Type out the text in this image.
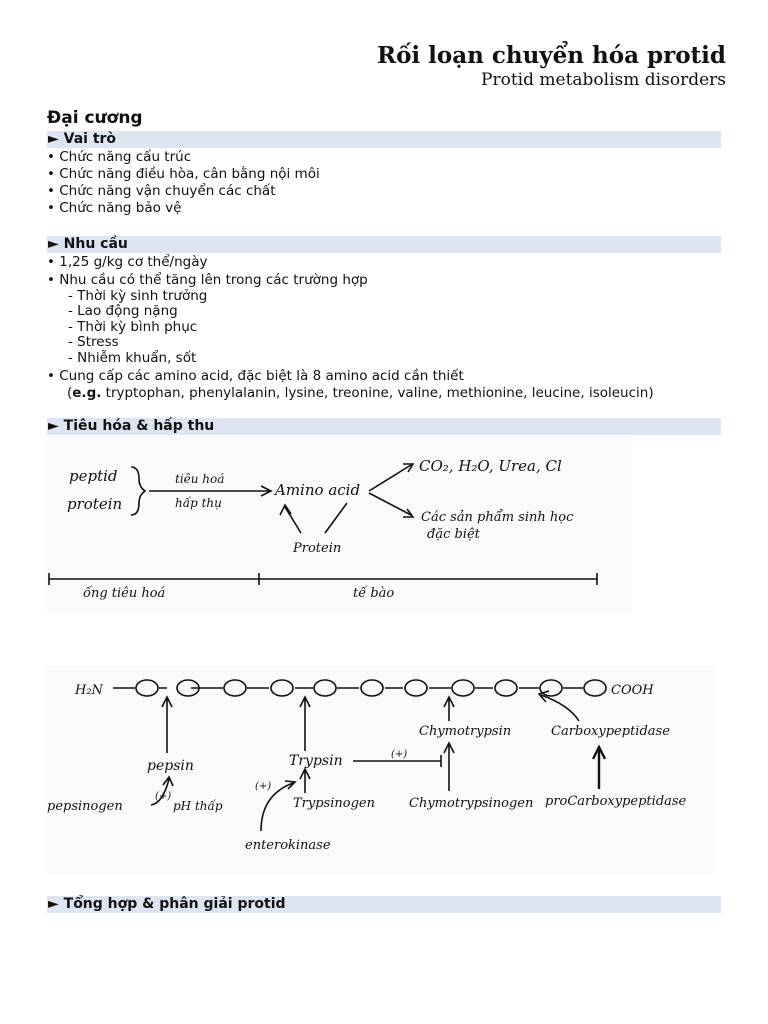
Rối loạn chuyển hóa protid
Protid metabolism disorders
Đại cương
► Vai trò
• Chức năng cấu trúc
• Chức năng điều hòa, cân bằng nội môi
• Chức năng vận chuyển các chất
• Chức năng bảo vệ
► Nhu cầu
• 1,25 g/kg cơ thể/ngày
• Nhu cầu có thể tăng lên trong các trường hợp
- Thời kỳ sinh trưởng
- Lao động nặng
- Thời kỳ bình phục
- Stress
- Nhiễm khuẩn, sốt
• Cung cấp các amino acid, đặc biệt là 8 amino acid cần thiết
(e.g. tryptophan, phenylalanin, lysine, treonine, valine, methionine, leucine, isoleucin)
► Tiêu hóa & hấp thu
peptid
protein
tiêu hoá
hấp thụ
Amino acid
CO₂, H₂O, Urea, Cl
Các sản phẩm sinh học
đặc biệt
Protein
ống tiêu hoá	tế bào
H₂N	COOH
pepsin
pepsinogen
(+)
pH thấp
Trypsin
Trypsinogen
(+)
enterokinase
(+)
Chymotrypsin
Chymotrypsinogen
Carboxypeptidase
proCarboxypeptidase
► Tổng hợp & phân giải protid
